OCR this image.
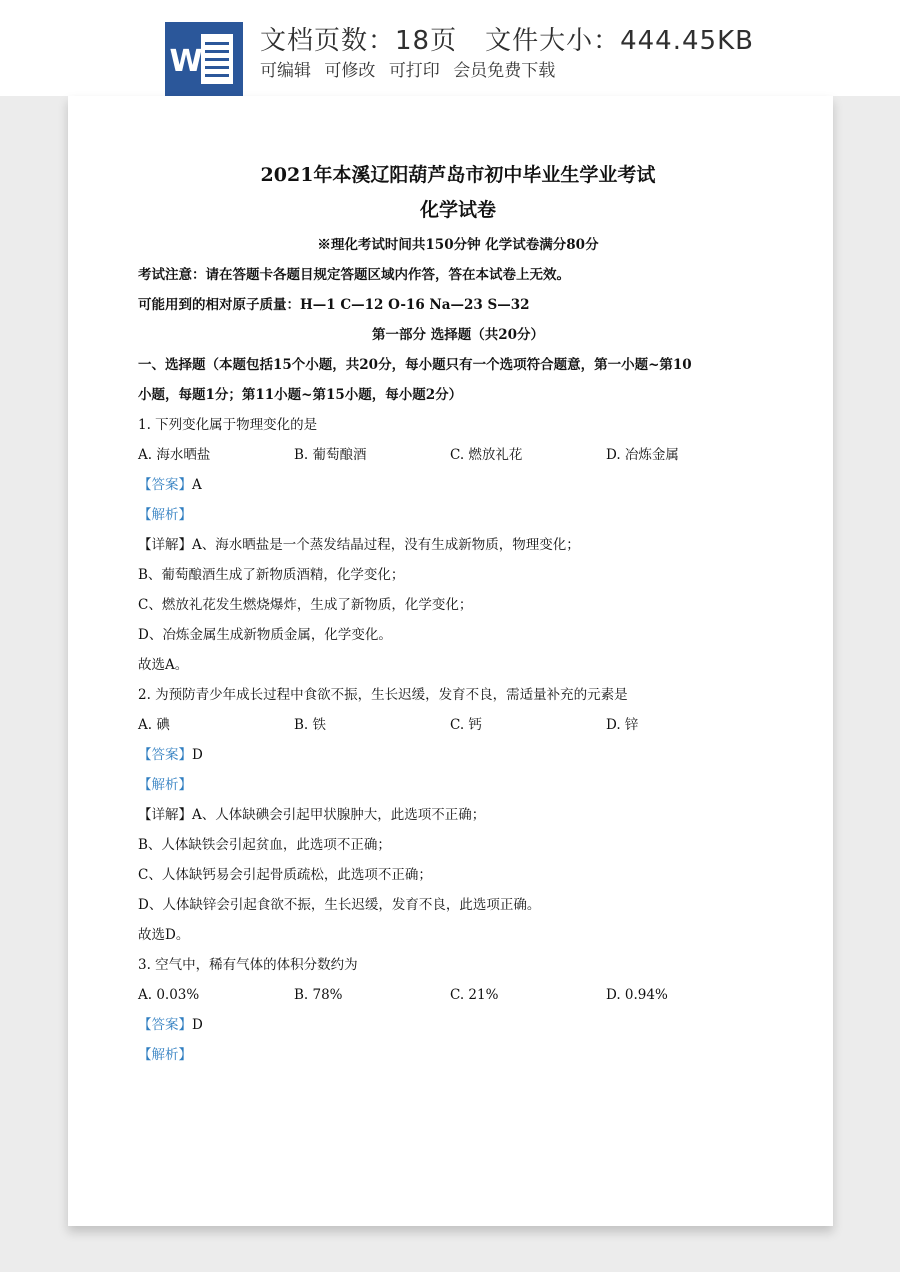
W
文档页数：18页 文件大小：444.45KB
可编辑 可修改 可打印 会员免费下载
2021年本溪辽阳葫芦岛市初中毕业生学业考试
化学试卷
※理化考试时间共150分钟 化学试卷满分80分
考试注意：请在答题卡各题目规定答题区域内作答，答在本试卷上无效。
可能用到的相对原子质量：H—1 C—12 O-16 Na—23 S—32
第一部分 选择题（共20分）
一、选择题（本题包括15个小题，共20分，每小题只有一个选项符合题意，第一小题~第10
小题，每题1分；第11小题~第15小题，每小题2分）
1. 下列变化属于物理变化的是
A. 海水晒盐	B. 葡萄酿酒	C. 燃放礼花	D. 冶炼金属
【答案】A
【解析】
【详解】A、海水晒盐是一个蒸发结晶过程，没有生成新物质，物理变化；
B、葡萄酿酒生成了新物质酒精，化学变化；
C、燃放礼花发生燃烧爆炸，生成了新物质，化学变化；
D、冶炼金属生成新物质金属，化学变化。
故选A。
2. 为预防青少年成长过程中食欲不振，生长迟缓，发育不良，需适量补充的元素是
A. 碘	B. 铁	C. 钙	D. 锌
【答案】D
【解析】
【详解】A、人体缺碘会引起甲状腺肿大，此选项不正确；
B、人体缺铁会引起贫血，此选项不正确；
C、人体缺钙易会引起骨质疏松，此选项不正确；
D、人体缺锌会引起食欲不振，生长迟缓，发育不良，此选项正确。
故选D。
3. 空气中，稀有气体的体积分数约为
A. 0.03%	B. 78%	C. 21%	D. 0.94%
【答案】D
【解析】
